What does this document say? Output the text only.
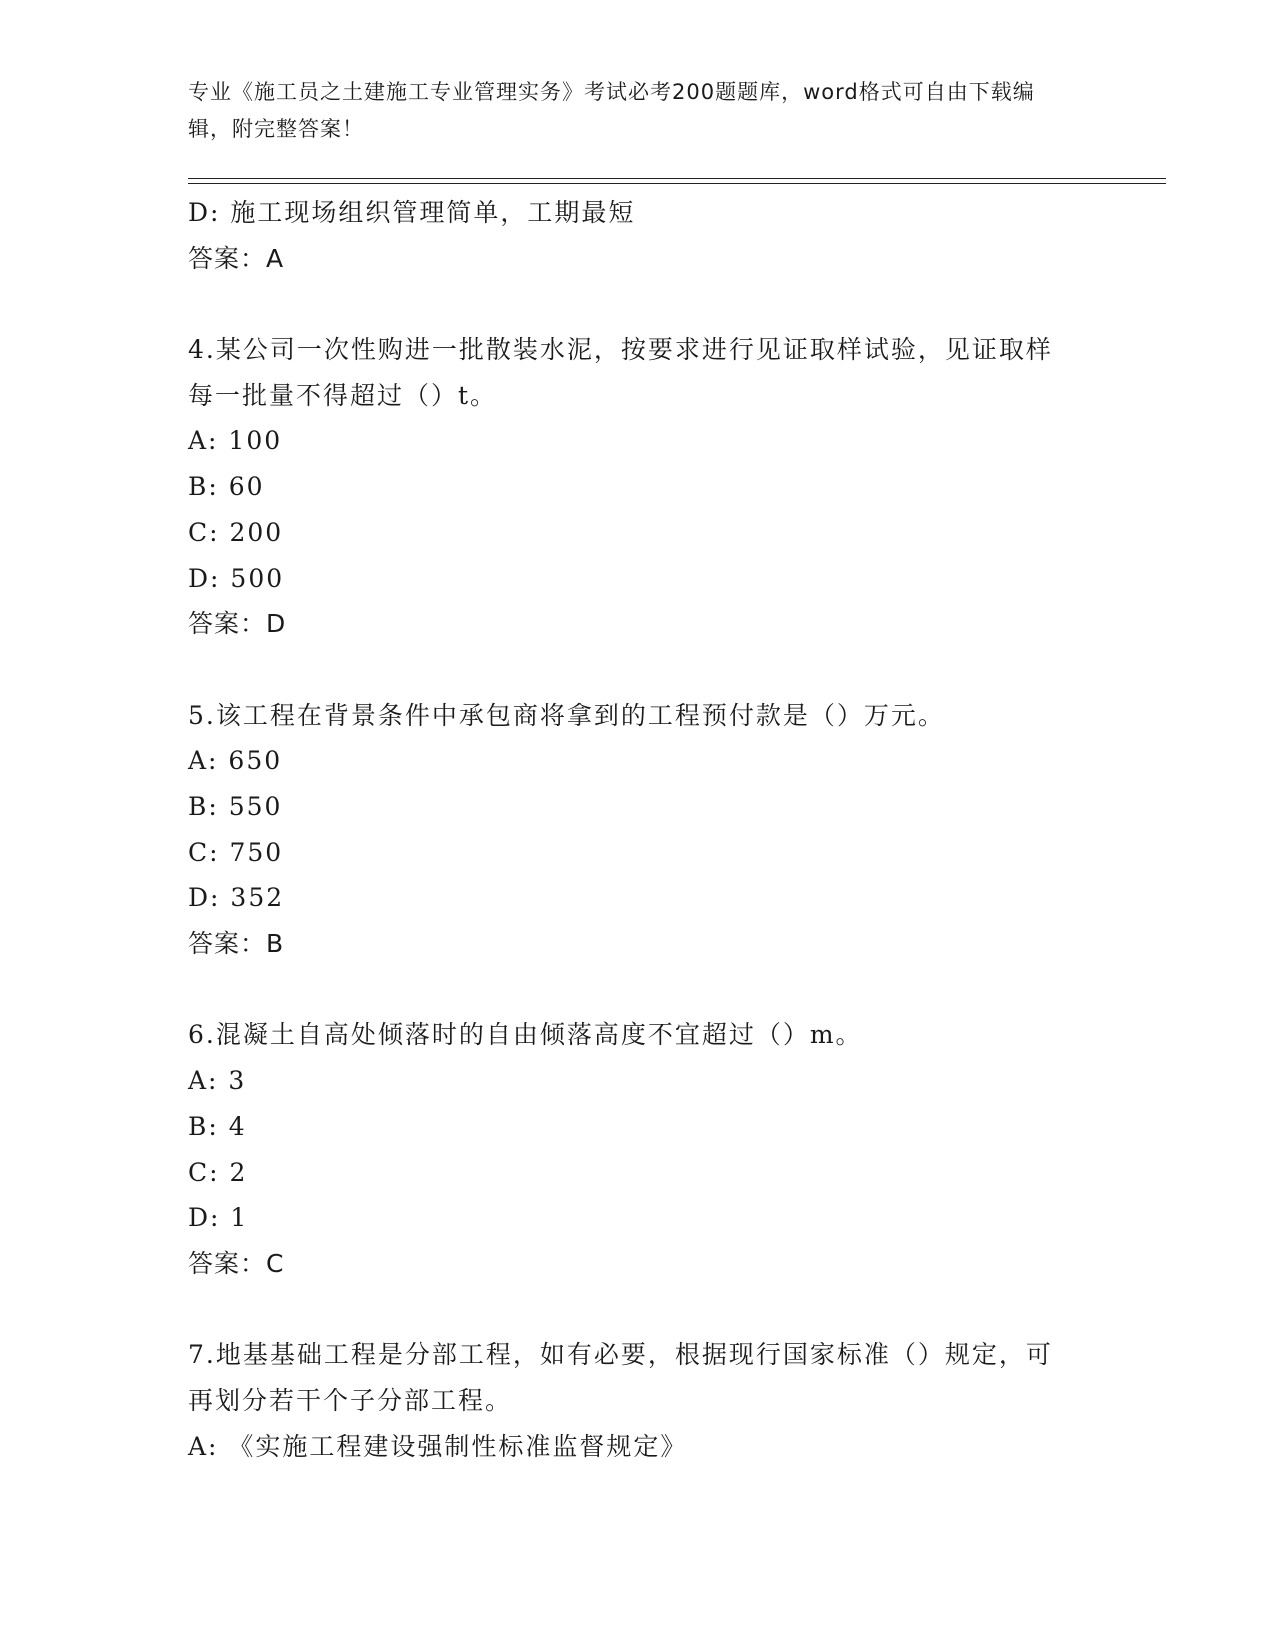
专业《施工员之土建施工专业管理实务》考试必考200题题库，word格式可自由下载编辑，附完整答案！
D: 施工现场组织管理简单，工期最短
答案：A
4.某公司一次性购进一批散装水泥，按要求进行见证取样试验，见证取样每一批量不得超过（）t。
A: 100
B: 60
C: 200
D: 500
答案：D
5.该工程在背景条件中承包商将拿到的工程预付款是（）万元。
A: 650
B: 550
C: 750
D: 352
答案：B
6.混凝土自高处倾落时的自由倾落高度不宜超过（）m。
A: 3
B: 4
C: 2
D: 1
答案：C
7.地基基础工程是分部工程，如有必要，根据现行国家标准（）规定，可再划分若干个子分部工程。
A: 《实施工程建设强制性标准监督规定》
